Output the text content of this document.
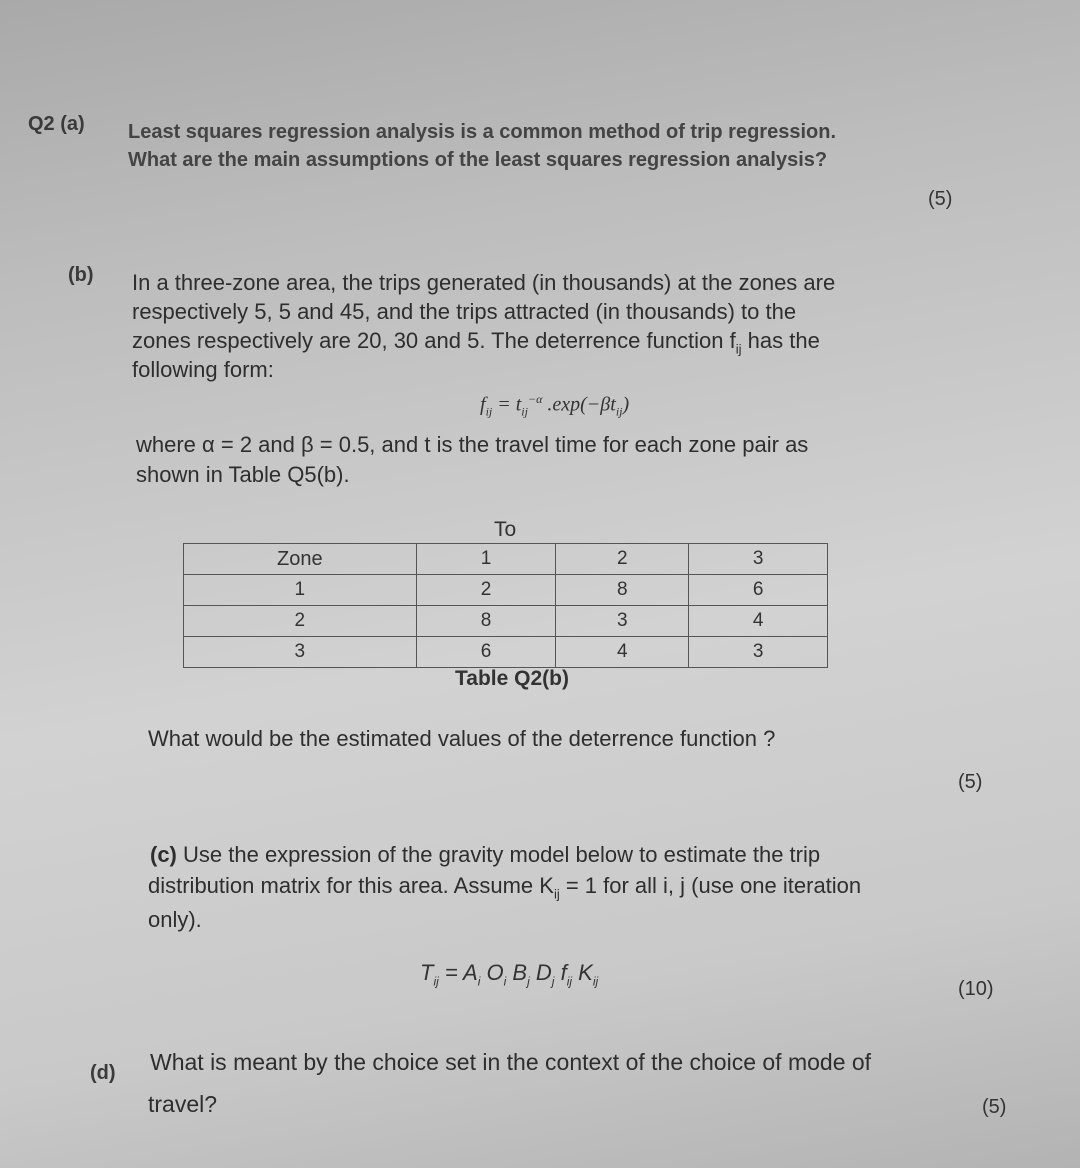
Q2 (a) Least squares regression analysis is a common method of trip regression.
What are the main assumptions of the least squares regression analysis?
(5)
(b) In a three-zone area, the trips generated (in thousands) at the zones are
respectively 5, 5 and 45, and the trips attracted (in thousands) to the
zones respectively are 20, 30 and 5. The deterrence function $f_{ij}$ has the
following form:
$f_{ij} = t_{ij}^{-\alpha}$ $.\exp(-\beta t_{ij})$
where α = 2 and β = 0.5, and t is the travel time for each zone pair as
shown in Table Q5(b).
To
Zone	1	2	3
1	2	8	6
2	8	3	4
3	6	4	3
Table Q2(b)
What would be the estimated values of the deterrence function ?
(5)
(c) Use the expression of the gravity model below to estimate the trip
distribution matrix for this area. Assume $K_{ij} = 1$ for all i, j (use one iteration
only).
$T_{ij} = A_i$ $O_i$ $B_j$ $D_j$ $f_{ij}$ $K_{ij}$	(10)
(d) What is meant by the choice set in the context of the choice of mode of
travel?	(5)
